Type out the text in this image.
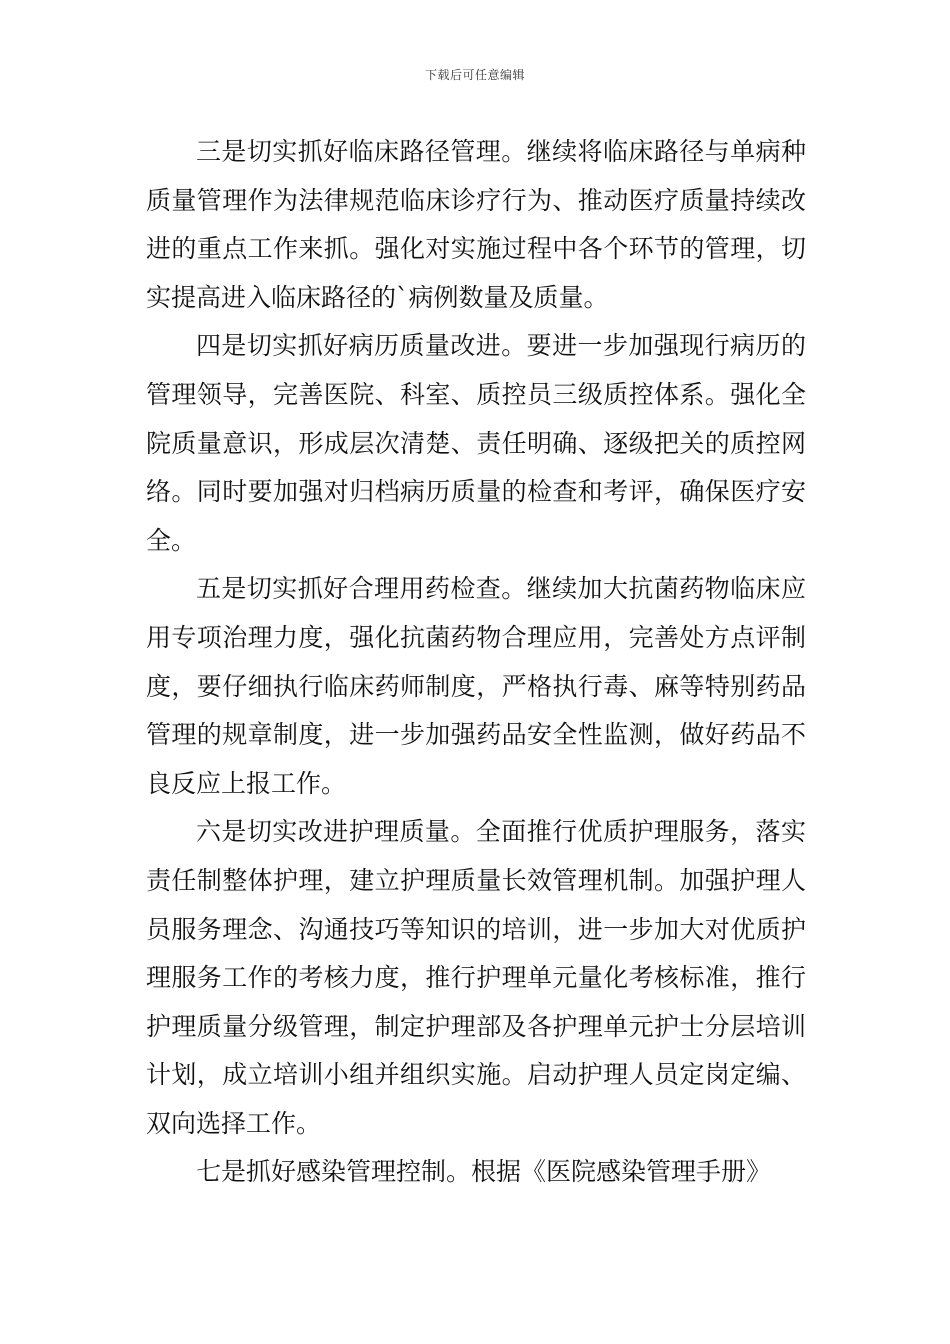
下载后可任意编辑

三是切实抓好临床路径管理。继续将临床路径与单病种质量管理作为法律规范临床诊疗行为、推动医疗质量持续改进的重点工作来抓。强化对实施过程中各个环节的管理，切实提高进入临床路径的`病例数量及质量。

四是切实抓好病历质量改进。要进一步加强现行病历的管理领导，完善医院、科室、质控员三级质控体系。强化全院质量意识，形成层次清楚、责任明确、逐级把关的质控网络。同时要加强对归档病历质量的检查和考评，确保医疗安全。

五是切实抓好合理用药检查。继续加大抗菌药物临床应用专项治理力度，强化抗菌药物合理应用，完善处方点评制度，要仔细执行临床药师制度，严格执行毒、麻等特别药品管理的规章制度，进一步加强药品安全性监测，做好药品不良反应上报工作。

六是切实改进护理质量。全面推行优质护理服务，落实责任制整体护理，建立护理质量长效管理机制。加强护理人员服务理念、沟通技巧等知识的培训，进一步加大对优质护理服务工作的考核力度，推行护理单元量化考核标准，推行护理质量分级管理，制定护理部及各护理单元护士分层培训计划，成立培训小组并组织实施。启动护理人员定岗定编、双向选择工作。

七是抓好感染管理控制。根据《医院感染管理手册》
